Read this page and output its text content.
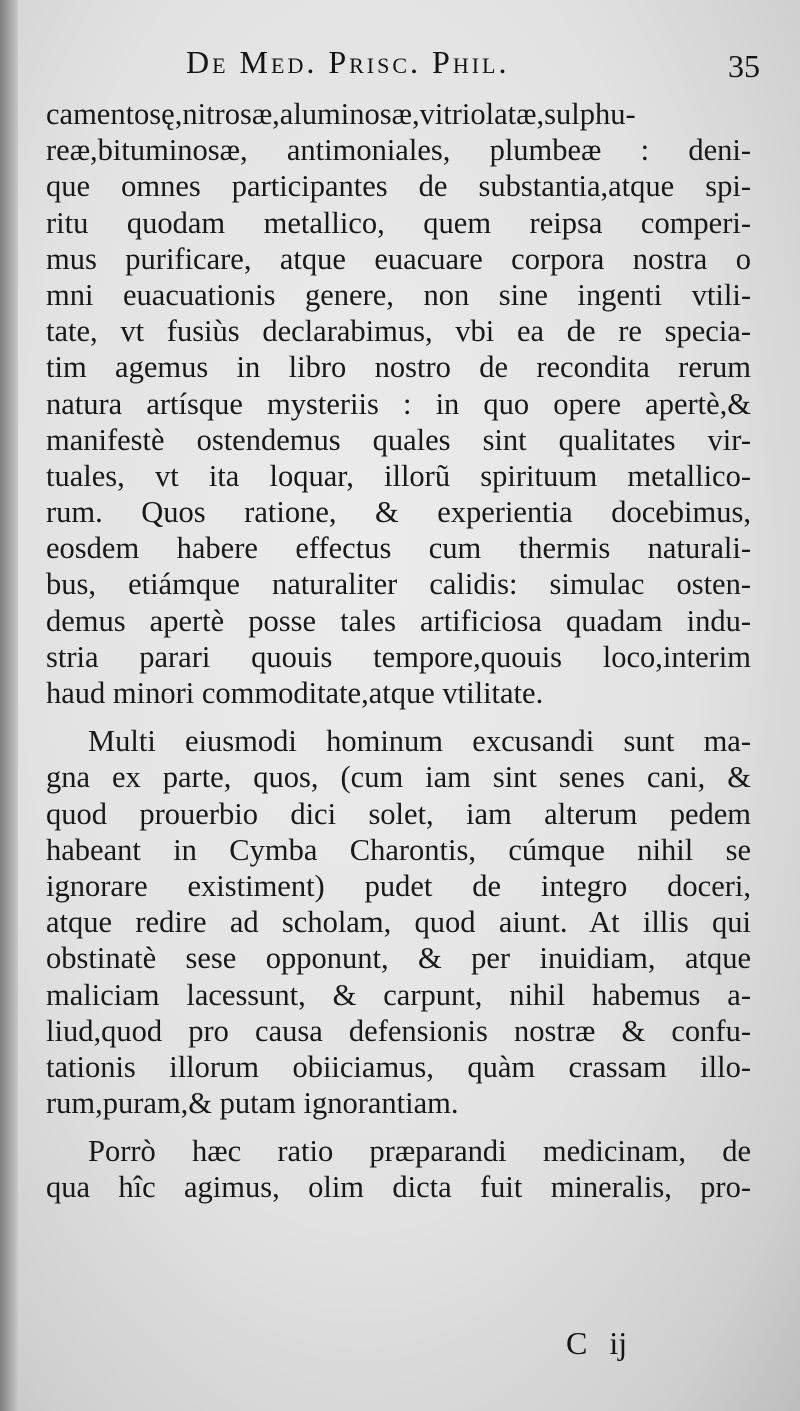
De Med. Prisc. Phil.	35
camentosę,nitrosæ,aluminosæ,vitriolatæ,sulphu-
reæ,bituminosæ, antimoniales, plumbeæ : deni-
que omnes participantes de substantia,atque spi-
ritu quodam metallico, quem reipsa comperi-
mus purificare, atque euacuare corpora nostra o
mni euacuationis genere, non sine ingenti vtili-
tate, vt fusiùs declarabimus, vbi ea de re specia-
tim agemus in libro nostro de recondita rerum
natura artísque mysteriis : in quo opere apertè,&
manifestè ostendemus quales sint qualitates vir-
tuales, vt ita loquar, illorũ spirituum metallico-
rum. Quos ratione, & experientia docebimus,
eosdem habere effectus cum thermis naturali-
bus, etiámque naturaliter calidis: simulac osten-
demus apertè posse tales artificiosa quadam indu-
stria parari quouis tempore,quouis loco,interim
haud minori commoditate,atque vtilitate.
Multi eiusmodi hominum excusandi sunt ma-
gna ex parte, quos, (cum iam sint senes cani, &
quod prouerbio dici solet, iam alterum pedem
habeant in Cymba Charontis, cúmque nihil se
ignorare existiment) pudet de integro doceri,
atque redire ad scholam, quod aiunt. At illis qui
obstinatè sese opponunt, & per inuidiam, atque
maliciam lacessunt, & carpunt, nihil habemus a-
liud,quod pro causa defensionis nostræ & confu-
tationis illorum obiiciamus, quàm crassam illo-
rum,puram,& putam ignorantiam.
Porrò hæc ratio præparandi medicinam, de
qua hîc agimus, olim dicta fuit mineralis, pro-
C ij
